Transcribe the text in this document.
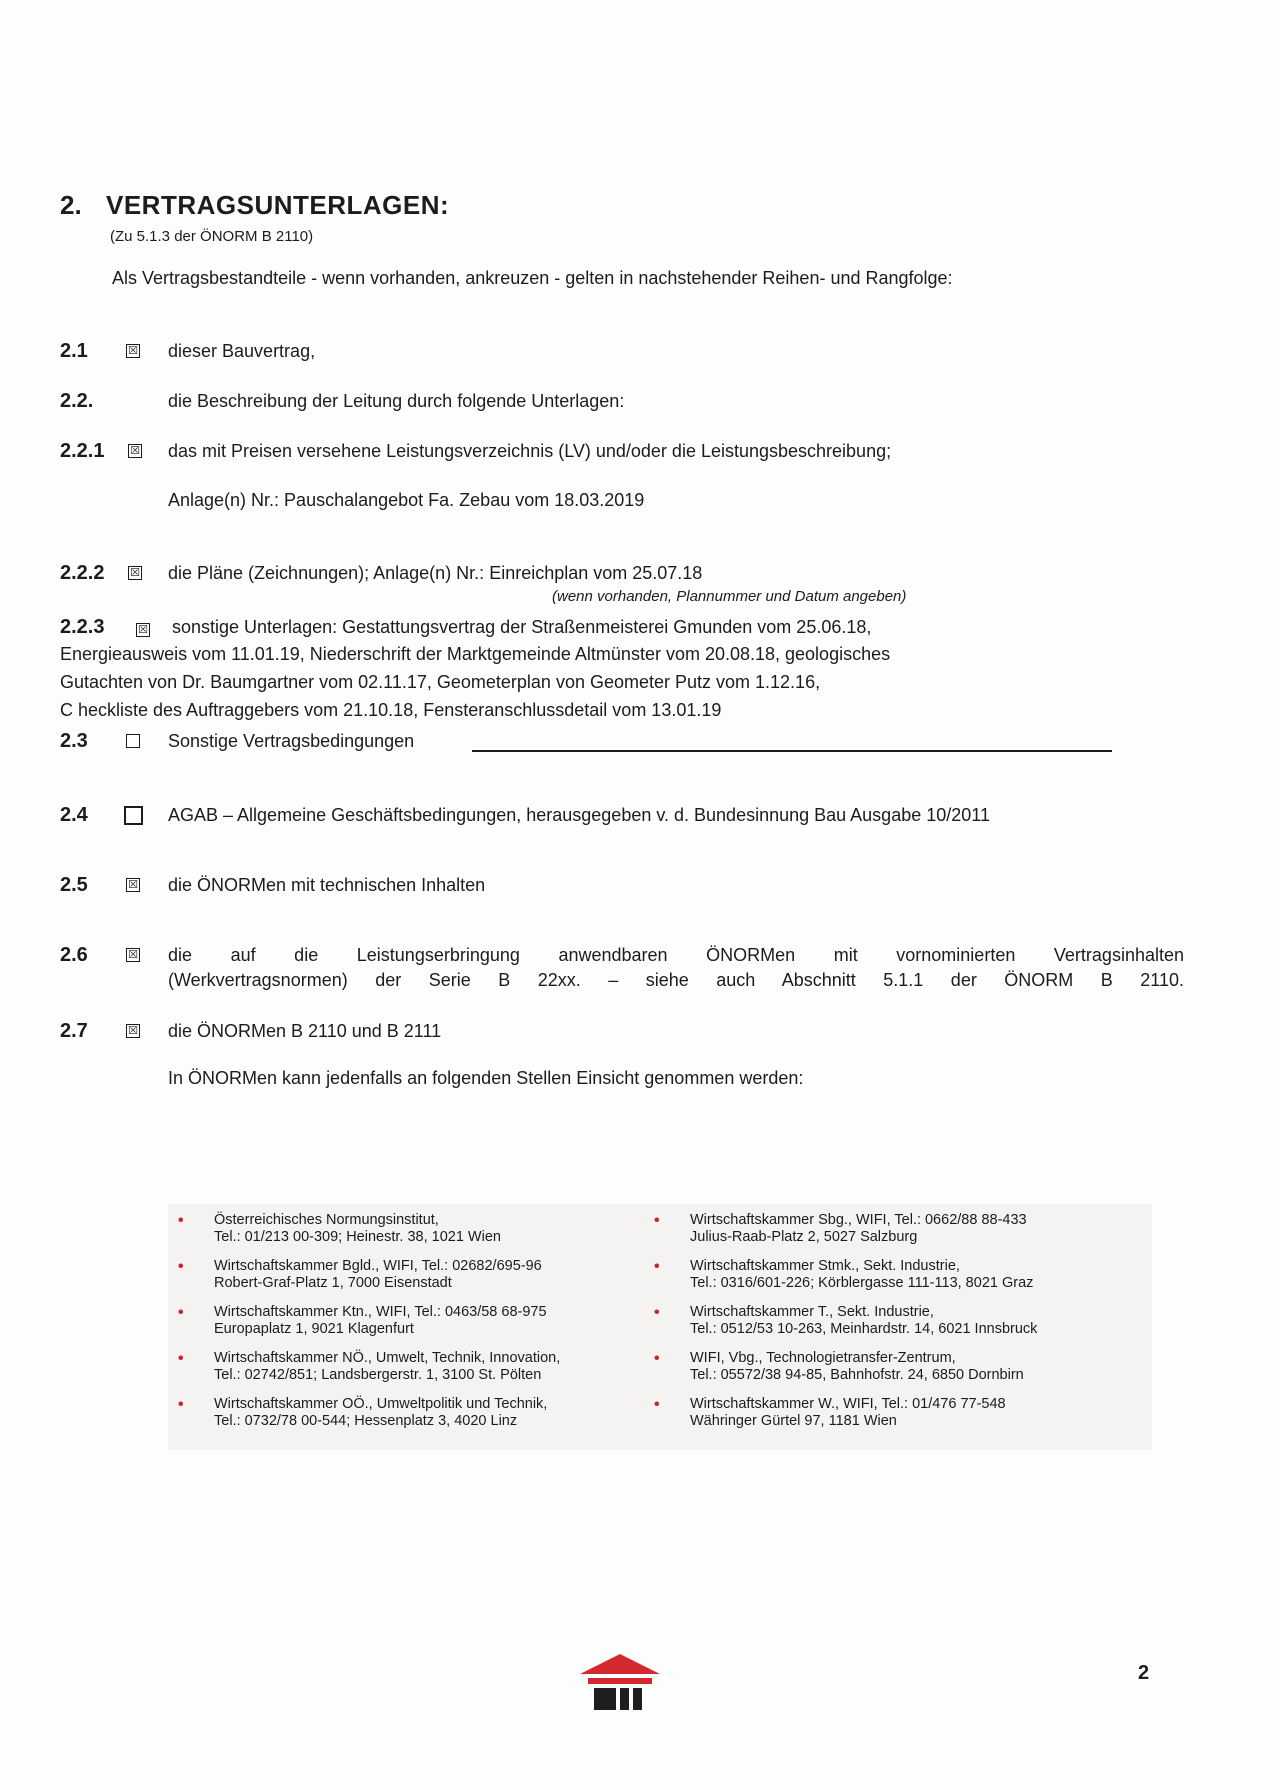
2. VERTRAGSUNTERLAGEN:
(Zu 5.1.3 der ÖNORM B 2110)
Als Vertragsbestandteile - wenn vorhanden, ankreuzen - gelten in nachstehender Reihen- und Rangfolge:
2.1	☒ dieser Bauvertrag,
2.2.	die Beschreibung der Leitung durch folgende Unterlagen:
2.2.1 ☒ das mit Preisen versehene Leistungsverzeichnis (LV) und/oder die Leistungsbeschreibung;
Anlage(n) Nr.: Pauschalangebot Fa. Zebau vom 18.03.2019
2.2.2 ☒ die Pläne (Zeichnungen); Anlage(n) Nr.: Einreichplan vom 25.07.18
(wenn vorhanden, Plannummer und Datum angeben)
2.2.3	☒ sonstige Unterlagen: Gestattungsvertrag der Straßenmeisterei Gmunden vom 25.06.18,
Energieausweis vom 11.01.19, Niederschrift der Marktgemeinde Altmünster vom 20.08.18, geologisches
Gutachten von Dr. Baumgartner vom 02.11.17, Geometerplan von Geometer Putz vom 1.12.16,
C heckliste des Auftraggebers vom 21.10.18, Fensteranschlussdetail vom 13.01.19
2.3	Sonstige Vertragsbedingungen
2.4	AGAB – Allgemeine Geschäftsbedingungen, herausgegeben v. d. Bundesinnung Bau Ausgabe 10/2011
2.5	☒ die ÖNORMen mit technischen Inhalten
2.6	☒ die auf die Leistungserbringung anwendbaren ÖNORMen mit vornominierten Vertragsinhalten
(Werkvertragsnormen) der Serie B 22xx. – siehe auch Abschnitt 5.1.1 der ÖNORM B 2110.
2.7	☒ die ÖNORMen B 2110 und B 2111
In ÖNORMen kann jedenfalls an folgenden Stellen Einsicht genommen werden:
• Österreichisches Normungsinstitut,
Tel.: 01/213 00-309; Heinestr. 38, 1021 Wien
• Wirtschaftskammer Bgld., WIFI, Tel.: 02682/695-96
Robert-Graf-Platz 1, 7000 Eisenstadt
• Wirtschaftskammer Ktn., WIFI, Tel.: 0463/58 68-975
Europaplatz 1, 9021 Klagenfurt
• Wirtschaftskammer NÖ., Umwelt, Technik, Innovation,
Tel.: 02742/851; Landsbergerstr. 1, 3100 St. Pölten
• Wirtschaftskammer OÖ., Umweltpolitik und Technik,
Tel.: 0732/78 00-544; Hessenplatz 3, 4020 Linz
• Wirtschaftskammer Sbg., WIFI, Tel.: 0662/88 88-433
Julius-Raab-Platz 2, 5027 Salzburg
• Wirtschaftskammer Stmk., Sekt. Industrie,
Tel.: 0316/601-226; Körblergasse 111-113, 8021 Graz
• Wirtschaftskammer T., Sekt. Industrie,
Tel.: 0512/53 10-263, Meinhardstr. 14, 6021 Innsbruck
• WIFI, Vbg., Technologietransfer-Zentrum,
Tel.: 05572/38 94-85, Bahnhofstr. 24, 6850 Dornbirn
• Wirtschaftskammer W., WIFI, Tel.: 01/476 77-548
Währinger Gürtel 97, 1181 Wien
2
